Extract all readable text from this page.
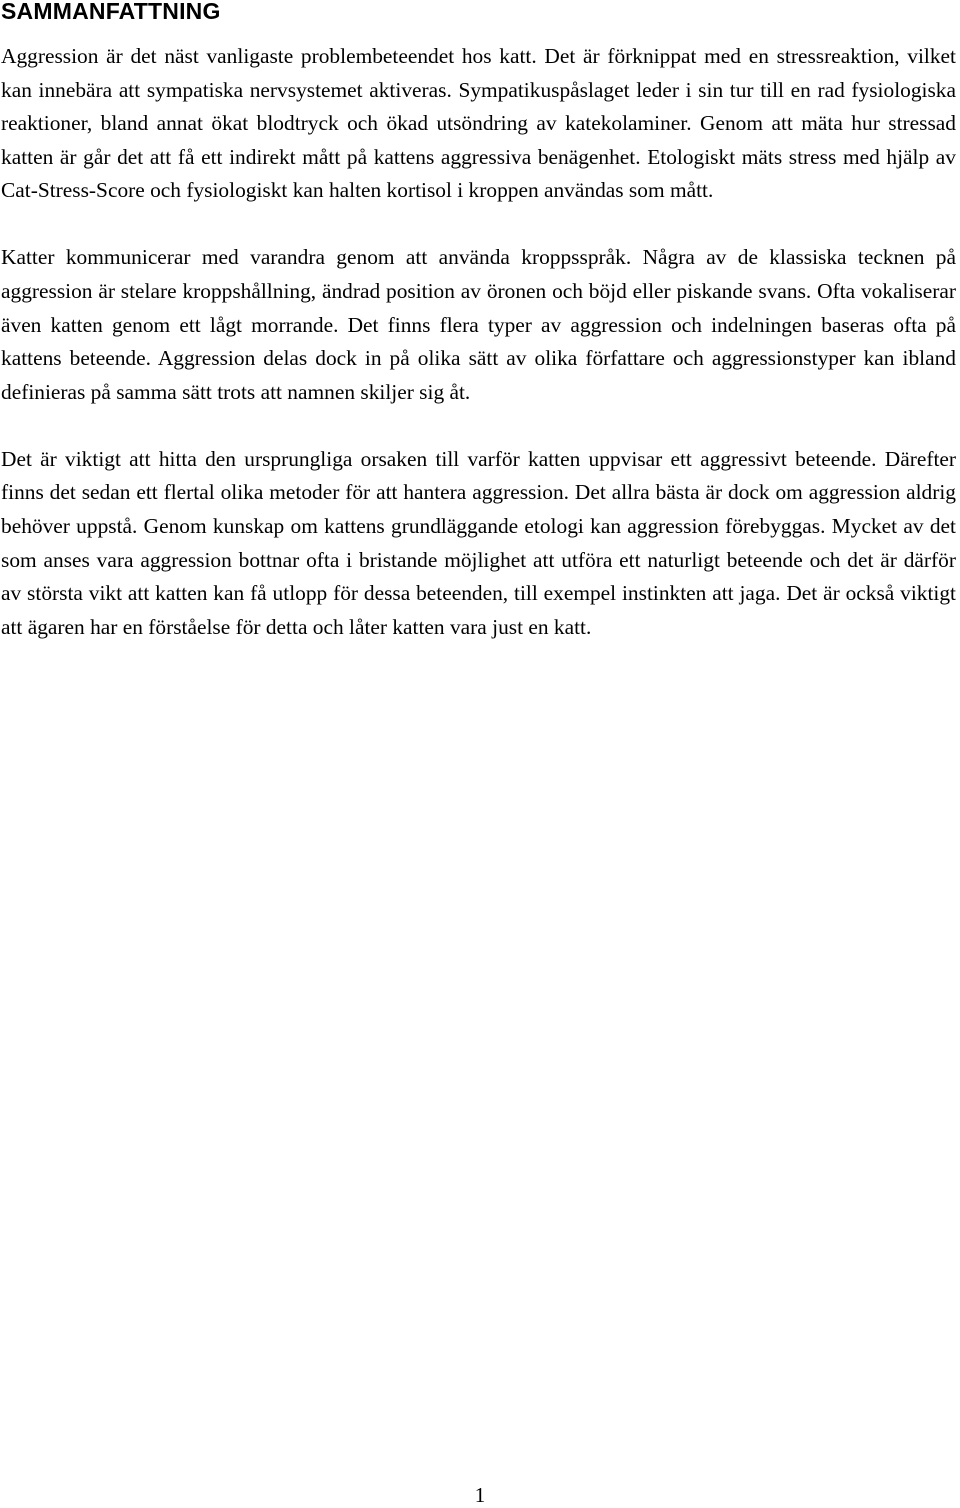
SAMMANFATTNING

Aggression är det näst vanligaste problembeteendet hos katt. Det är förknippat med en stressreaktion, vilket kan innebära att sympatiska nervsystemet aktiveras. Sympatikuspåslaget leder i sin tur till en rad fysiologiska reaktioner, bland annat ökat blodtryck och ökad utsöndring av katekolaminer. Genom att mäta hur stressad katten är går det att få ett indirekt mått på kattens aggressiva benägenhet. Etologiskt mäts stress med hjälp av Cat-Stress-Score och fysiologiskt kan halten kortisol i kroppen användas som mått.

Katter kommunicerar med varandra genom att använda kroppsspråk. Några av de klassiska tecknen på aggression är stelare kroppshållning, ändrad position av öronen och böjd eller piskande svans. Ofta vokaliserar även katten genom ett lågt morrande. Det finns flera typer av aggression och indelningen baseras ofta på kattens beteende. Aggression delas dock in på olika sätt av olika författare och aggressionstyper kan ibland definieras på samma sätt trots att namnen skiljer sig åt.

Det är viktigt att hitta den ursprungliga orsaken till varför katten uppvisar ett aggressivt beteende. Därefter finns det sedan ett flertal olika metoder för att hantera aggression. Det allra bästa är dock om aggression aldrig behöver uppstå. Genom kunskap om kattens grundläggande etologi kan aggression förebyggas. Mycket av det som anses vara aggression bottnar ofta i bristande möjlighet att utföra ett naturligt beteende och det är därför av största vikt att katten kan få utlopp för dessa beteenden, till exempel instinkten att jaga. Det är också viktigt att ägaren har en förståelse för detta och låter katten vara just en katt.

1
